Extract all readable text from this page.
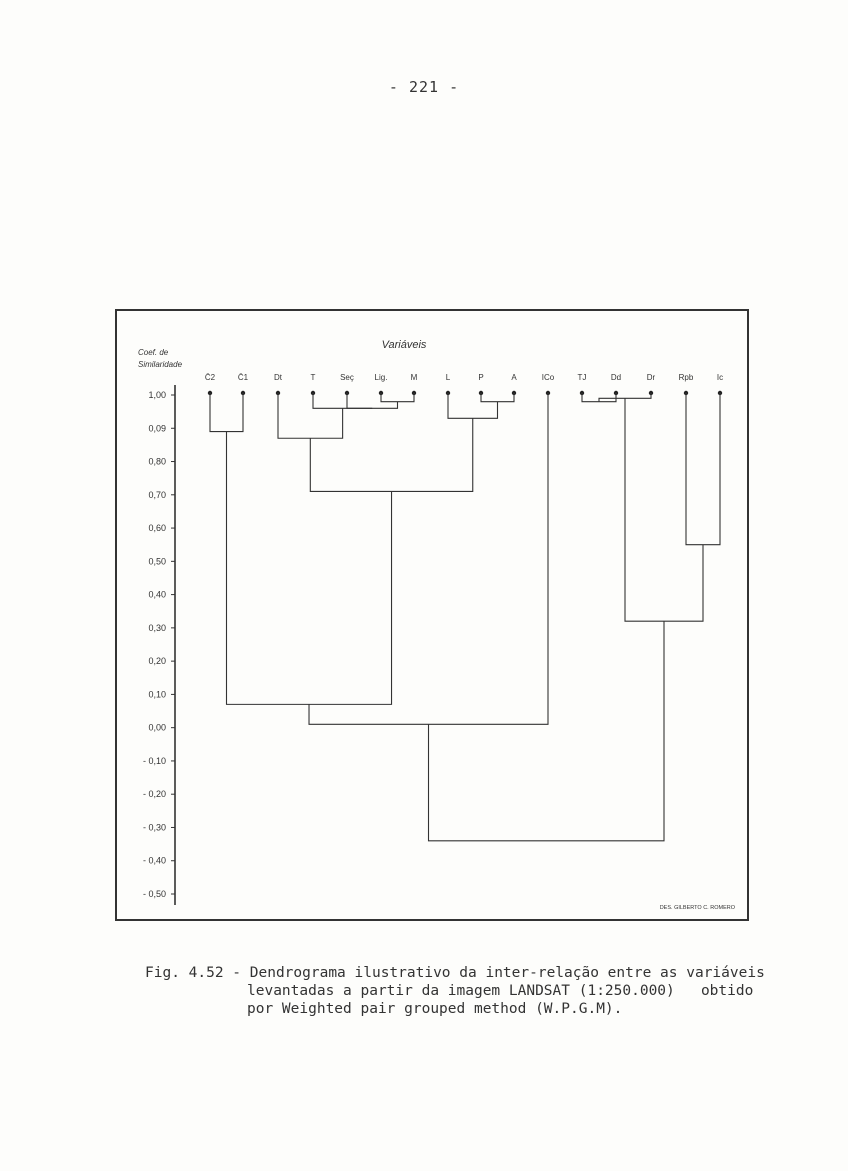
- 221 -
Variáveis
Coef. de
Similaridade
1,00
0,09
0,80
0,70
0,60
0,50
0,40
0,30
0,20
0,10
0,00
- 0,10
- 0,20
- 0,30
- 0,40
- 0,50
C̄2	C̄1	Dt	T	Seç	Lig.	M	L	P	A	ICo	TJ	Dd	Dr	Rpb	Ic
DES. GILBERTO C. ROMERO
Fig. 4.52 - Dendrograma ilustrativo da inter-relação entre as variáveis
levantadas a partir da imagem LANDSAT (1:250.000)   obtido
por Weighted pair grouped method (W.P.G.M).
